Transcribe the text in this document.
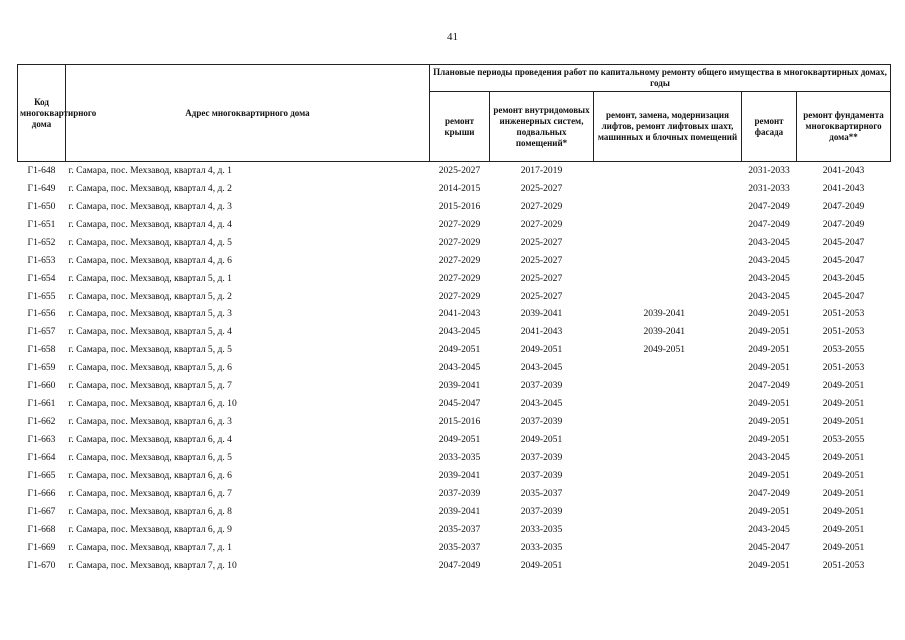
41
Код многоквартирного дома	Адрес многоквартирного дома	Плановые периоды проведения работ по капитальному ремонту общего имущества в многоквартирных домах, годы				
		ремонт крыши	ремонт внутридомовых инженерных систем, подвальных помещений*	ремонт, замена, модернизация лифтов, ремонт лифтовых шахт, машинных и блочных помещений	ремонт фасада	ремонт фундамента многоквартирного дома**
Г1-648	г. Самара, пос. Мехзавод, квартал 4, д. 1	2025-2027	2017-2019		2031-2033	2041-2043
Г1-649	г. Самара, пос. Мехзавод, квартал 4, д. 2	2014-2015	2025-2027		2031-2033	2041-2043
Г1-650	г. Самара, пос. Мехзавод, квартал 4, д. 3	2015-2016	2027-2029		2047-2049	2047-2049
Г1-651	г. Самара, пос. Мехзавод, квартал 4, д. 4	2027-2029	2027-2029		2047-2049	2047-2049
Г1-652	г. Самара, пос. Мехзавод, квартал 4, д. 5	2027-2029	2025-2027		2043-2045	2045-2047
Г1-653	г. Самара, пос. Мехзавод, квартал 4, д. 6	2027-2029	2025-2027		2043-2045	2045-2047
Г1-654	г. Самара, пос. Мехзавод, квартал 5, д. 1	2027-2029	2025-2027		2043-2045	2043-2045
Г1-655	г. Самара, пос. Мехзавод, квартал 5, д. 2	2027-2029	2025-2027		2043-2045	2045-2047
Г1-656	г. Самара, пос. Мехзавод, квартал 5, д. 3	2041-2043	2039-2041	2039-2041	2049-2051	2051-2053
Г1-657	г. Самара, пос. Мехзавод, квартал 5, д. 4	2043-2045	2041-2043	2039-2041	2049-2051	2051-2053
Г1-658	г. Самара, пос. Мехзавод, квартал 5, д. 5	2049-2051	2049-2051	2049-2051	2049-2051	2053-2055
Г1-659	г. Самара, пос. Мехзавод, квартал 5, д. 6	2043-2045	2043-2045		2049-2051	2051-2053
Г1-660	г. Самара, пос. Мехзавод, квартал 5, д. 7	2039-2041	2037-2039		2047-2049	2049-2051
Г1-661	г. Самара, пос. Мехзавод, квартал 6, д. 10	2045-2047	2043-2045		2049-2051	2049-2051
Г1-662	г. Самара, пос. Мехзавод, квартал 6, д. 3	2015-2016	2037-2039		2049-2051	2049-2051
Г1-663	г. Самара, пос. Мехзавод, квартал 6, д. 4	2049-2051	2049-2051		2049-2051	2053-2055
Г1-664	г. Самара, пос. Мехзавод, квартал 6, д. 5	2033-2035	2037-2039		2043-2045	2049-2051
Г1-665	г. Самара, пос. Мехзавод, квартал 6, д. 6	2039-2041	2037-2039		2049-2051	2049-2051
Г1-666	г. Самара, пос. Мехзавод, квартал 6, д. 7	2037-2039	2035-2037		2047-2049	2049-2051
Г1-667	г. Самара, пос. Мехзавод, квартал 6, д. 8	2039-2041	2037-2039		2049-2051	2049-2051
Г1-668	г. Самара, пос. Мехзавод, квартал 6, д. 9	2035-2037	2033-2035		2043-2045	2049-2051
Г1-669	г. Самара, пос. Мехзавод, квартал 7, д. 1	2035-2037	2033-2035		2045-2047	2049-2051
Г1-670	г. Самара, пос. Мехзавод, квартал 7, д. 10	2047-2049	2049-2051		2049-2051	2051-2053
